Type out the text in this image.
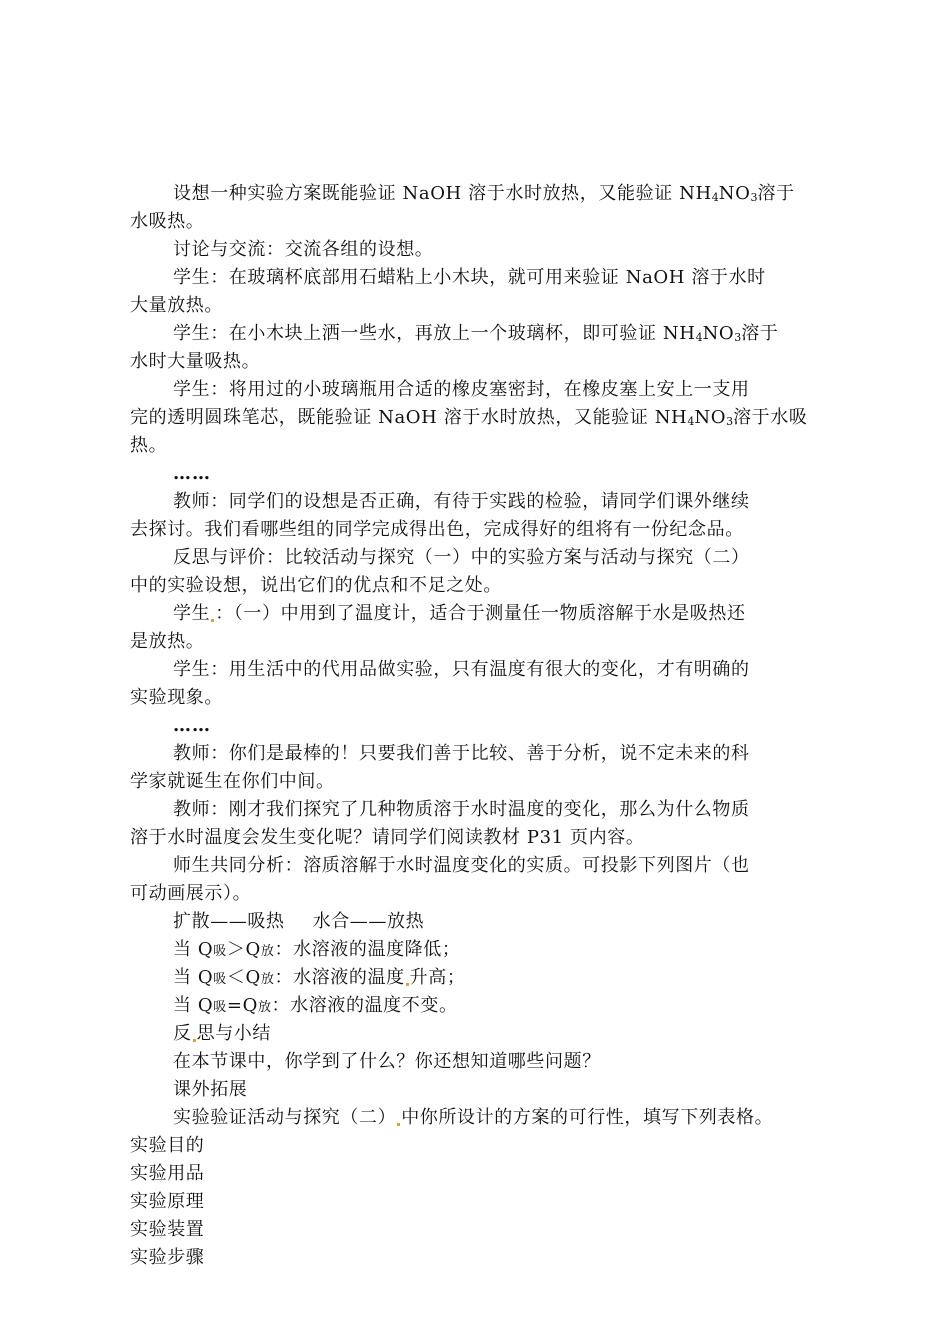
设想一种实验方案既能验证 NaOH 溶于水时放热，又能验证 NH4NO3溶于
水吸热。
讨论与交流：交流各组的设想。
学生：在玻璃杯底部用石蜡粘上小木块，就可用来验证 NaOH 溶于水时
大量放热。
学生：在小木块上洒一些水，再放上一个玻璃杯，即可验证 NH4NO3溶于
水时大量吸热。
学生：将用过的小玻璃瓶用合适的橡皮塞密封，在橡皮塞上安上一支用
完的透明圆珠笔芯，既能验证 NaOH 溶于水时放热，又能验证 NH4NO3溶于水吸
热。
……
教师：同学们的设想是否正确，有待于实践的检验，请同学们课外继续
去探讨。我们看哪些组的同学完成得出色，完成得好的组将有一份纪念品。
反思与评价：比较活动与探究（一）中的实验方案与活动与探究（二）
中的实验设想，说出它们的优点和不足之处。
学生 ：（一）中用到了温度计，适合于测量任一物质溶解于水是吸热还
是放热。
学生：用生活中的代用品做实验，只有温度有很大的变化，才有明确的
实验现象。
……
教师：你们是最棒的！只要我们善于比较、善于分析，说不定未来的科
学家就诞生在你们中间。
教师：刚才我们探究了几种物质溶于水时温度的变化，那么为什么物质
溶于水时温度会发生变化呢？请同学们阅读教材 P31 页内容。
师生共同分析：溶质溶解于水时温度变化的实质。可投影下列图片（也
可动画展示）。
扩散——吸热 水合——放热
当 Q吸＞Q放：水溶液的温度降低；
当 Q吸＜Q放：水溶液的温度 升高；
当 Q吸=Q放：水溶液的温度不变。
反 思与小结
在本节课中，你学到了什么？你还想知道哪些问题？
课外拓展
实验验证活动与探究（二） 中你所设计的方案的可行性，填写下列表格。
实验目的
实验用品
实验原理
实验装置
实验步骤
